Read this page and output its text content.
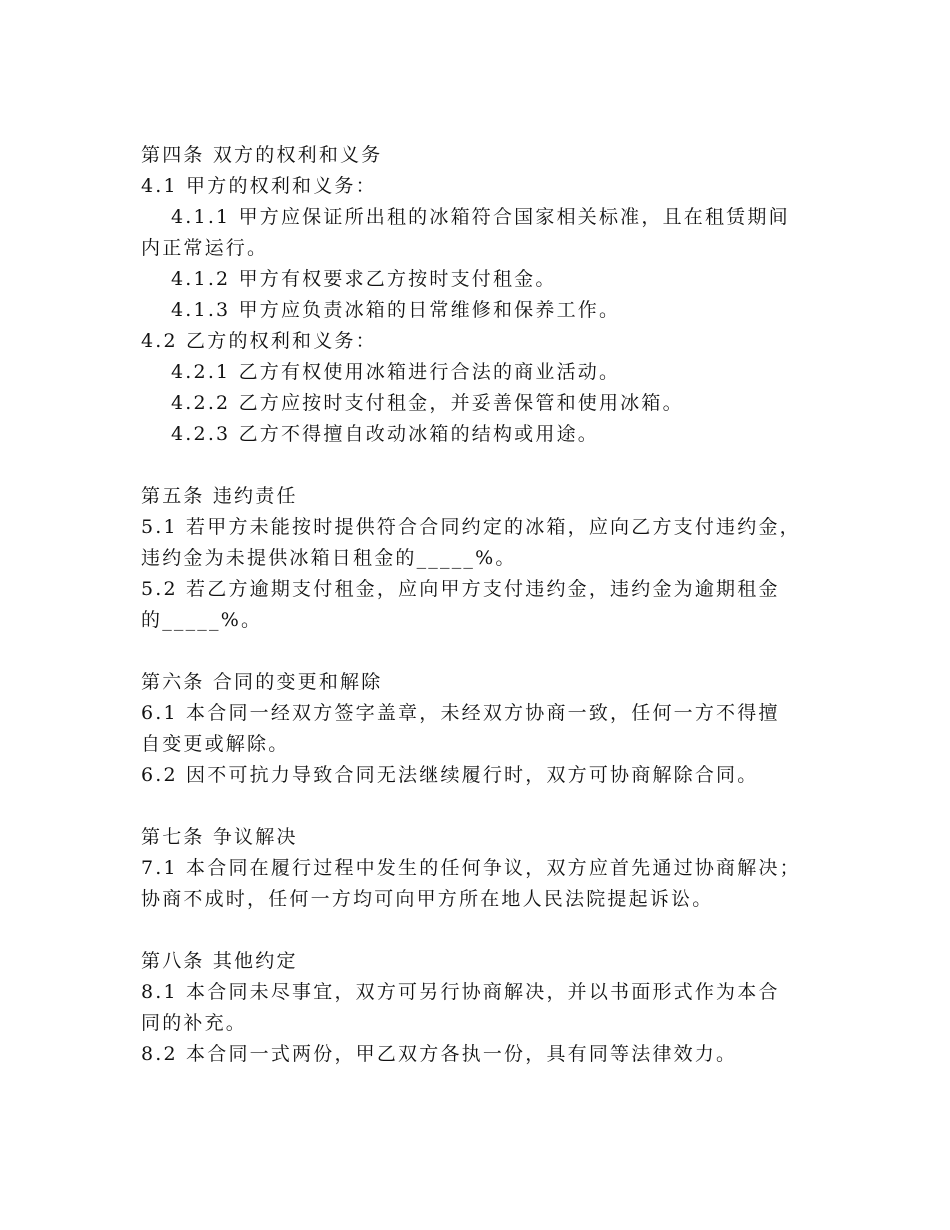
第四条 双方的权利和义务
4.1 甲方的权利和义务：
4.1.1 甲方应保证所出租的冰箱符合国家相关标准，且在租赁期间
内正常运行。
4.1.2 甲方有权要求乙方按时支付租金。
4.1.3 甲方应负责冰箱的日常维修和保养工作。
4.2 乙方的权利和义务：
4.2.1 乙方有权使用冰箱进行合法的商业活动。
4.2.2 乙方应按时支付租金，并妥善保管和使用冰箱。
4.2.3 乙方不得擅自改动冰箱的结构或用途。
第五条 违约责任
5.1 若甲方未能按时提供符合合同约定的冰箱，应向乙方支付违约金，
违约金为未提供冰箱日租金的_____%。
5.2 若乙方逾期支付租金，应向甲方支付违约金，违约金为逾期租金
的_____%。
第六条 合同的变更和解除
6.1 本合同一经双方签字盖章，未经双方协商一致，任何一方不得擅
自变更或解除。
6.2 因不可抗力导致合同无法继续履行时，双方可协商解除合同。
第七条 争议解决
7.1 本合同在履行过程中发生的任何争议，双方应首先通过协商解决；
协商不成时，任何一方均可向甲方所在地人民法院提起诉讼。
第八条 其他约定
8.1 本合同未尽事宜，双方可另行协商解决，并以书面形式作为本合
同的补充。
8.2 本合同一式两份，甲乙双方各执一份，具有同等法律效力。
